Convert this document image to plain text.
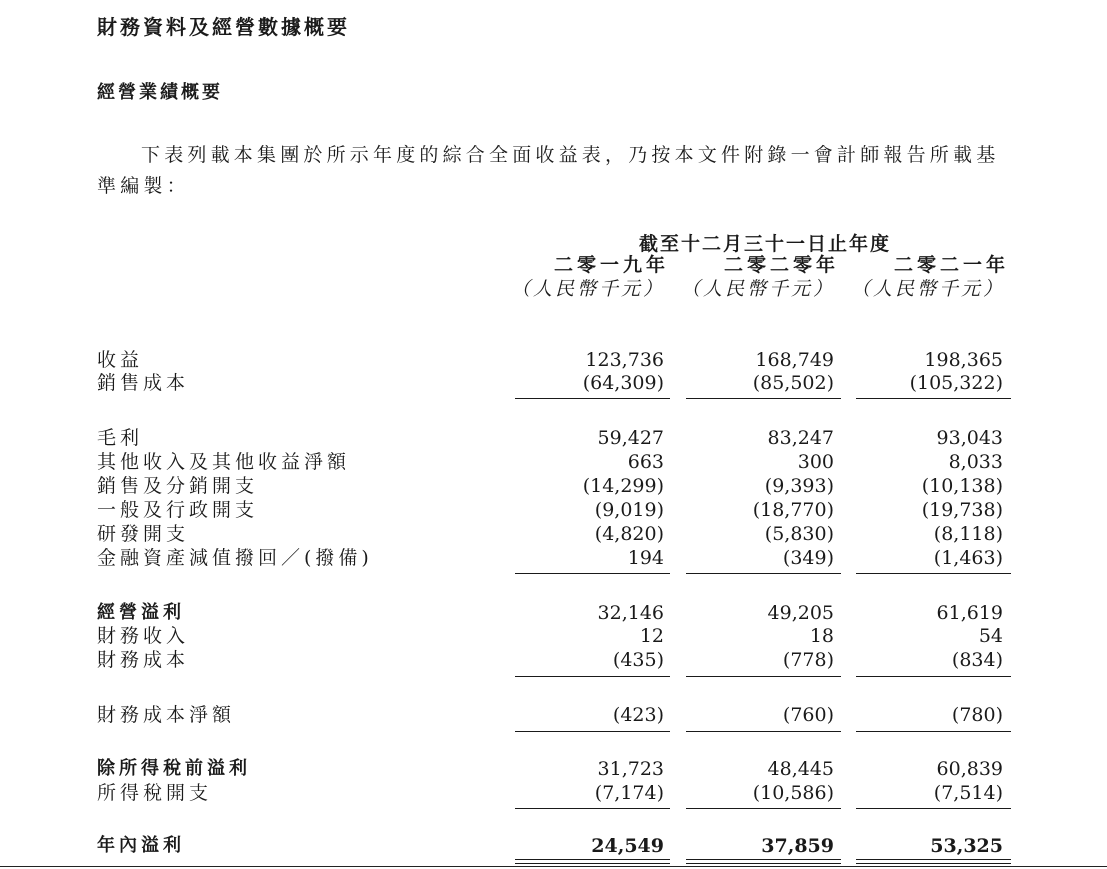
財務資料及經營數據概要
經營業績概要

下表列載本集團於所示年度的綜合全面收益表，乃按本文件附錄一會計師報告所載基準編製：

截至十二月三十一日止年度
二零一九年
（人民幣千元）
二零二零年
（人民幣千元）
二零二一年
（人民幣千元）
收益	123,736	168,749	198,365
銷售成本	(64,309)	(85,502)	(105,322)
毛利	59,427	83,247	93,043
其他收入及其他收益淨額	663	300	8,033
銷售及分銷開支	(14,299)	(9,393)	(10,138)
一般及行政開支	(9,019)	(18,770)	(19,738)
研發開支	(4,820)	(5,830)	(8,118)
金融資產減值撥回／(撥備)	194	(349)	(1,463)
經營溢利	32,146	49,205	61,619
財務收入	12	18	54
財務成本	(435)	(778)	(834)
財務成本淨額	(423)	(760)	(780)
除所得稅前溢利	31,723	48,445	60,839
所得稅開支	(7,174)	(10,586)	(7,514)
年內溢利	24,549	37,859	53,325
